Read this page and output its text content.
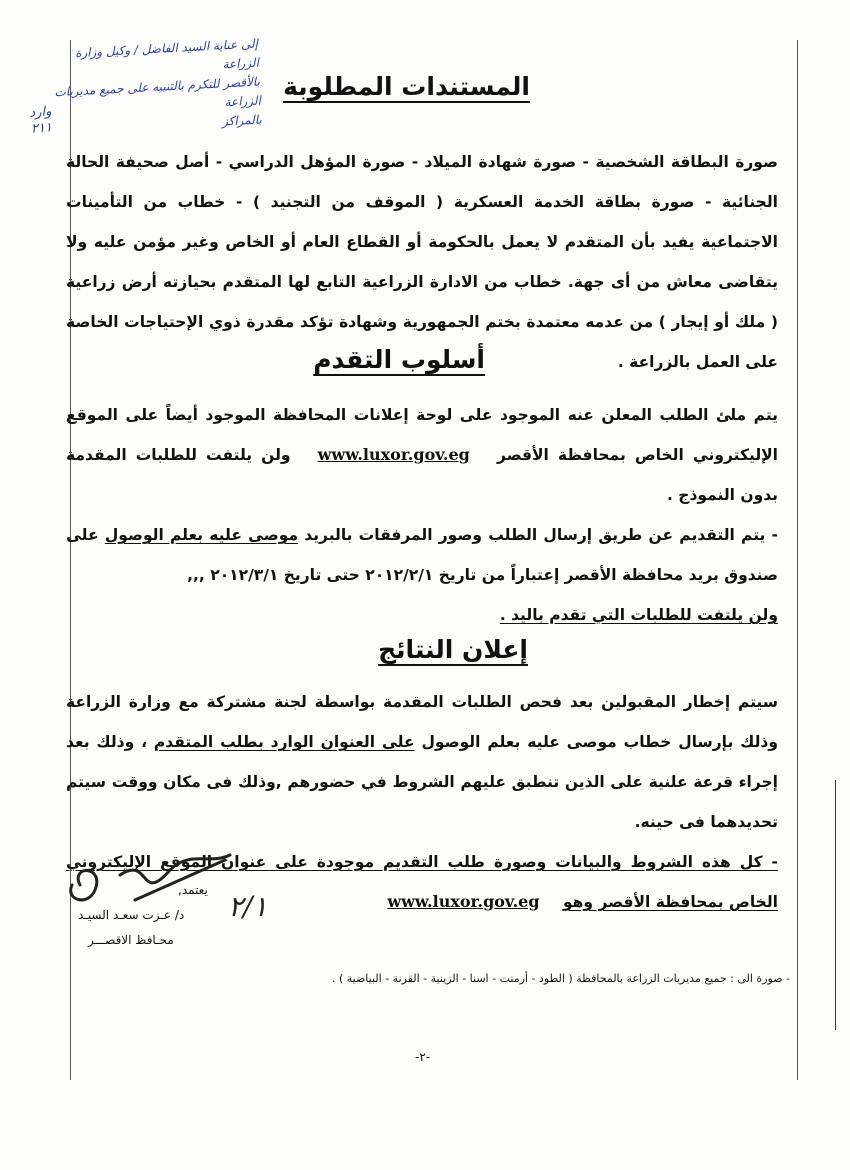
إلى عناية السيد الفاضل / وكيل وزارة الزراعة
بالأقصر للتكرم بالتنبيه على جميع مديريات الزراعة
بالمراكز
وارد
٢١١
المستندات المطلوبة

صورة البطاقة الشخصية - صورة شهادة الميلاد - صورة المؤهل الدراسي - أصل صحيفة الحالة الجنائية - صورة بطاقة الخدمة العسكرية ( الموقف من التجنيد ) - خطاب من التأمينات الاجتماعية يفيد بأن المتقدم لا يعمل بالحكومة أو القطاع العام أو الخاص وغير مؤمن عليه ولا يتقاضى معاش من أى جهة. خطاب من الادارة الزراعية التابع لها المتقدم بحيازته أرض زراعية ( ملك أو إيجار ) من عدمه معتمدة بختم الجمهورية وشهادة تؤكد مقدرة ذوي الإحتياجات الخاصة على العمل بالزراعة .

أسلوب التقدم

يتم ملئ الطلب المعلن عنه الموجود على لوحة إعلانات المحافظة الموجود أيضاً على الموقع الإليكتروني الخاص بمحافظة الأقصر www.luxor.gov.eg ولن يلتفت للطلبات المقدمة بدون النموذج .

- يتم التقديم عن طريق إرسال الطلب وصور المرفقات بالبريد موصى عليه بعلم الوصول على صندوق بريد محافظة الأقصر إعتباراً من تاريخ ٢٠١٢/٢/١ حتى تاريخ ٢٠١٢/٣/١ ,,,

ولن يلتفت للطلبات التي تقدم باليد .

إعلان النتائج

سيتم إخطار المقبولين بعد فحص الطلبات المقدمة بواسطة لجنة مشتركة مع وزارة الزراعة وذلك بإرسال خطاب موصى عليه بعلم الوصول على العنوان الوارد بطلب المتقدم ، وذلك بعد إجراء قرعة علنية على الذين تنطبق عليهم الشروط في حضورهم ,وذلك فى مكان ووقت سيتم تحديدهما فى حينه.

- كل هذه الشروط والبيانات وصورة طلب التقديم موجودة على عنوان الموقع الإليكتروني الخاص بمحافظة الأقصر وهو www.luxor.gov.eg

يعتمد,
د/ عـزت سعـد السيـد
محـافظ الاقصـــر
٢/١
- صورة الى : جميع مديريات الزراعة بالمحافظة ( الطود - أرمنت - اسنا - الزينية - القرنة - البياضية ) .
-٢-
